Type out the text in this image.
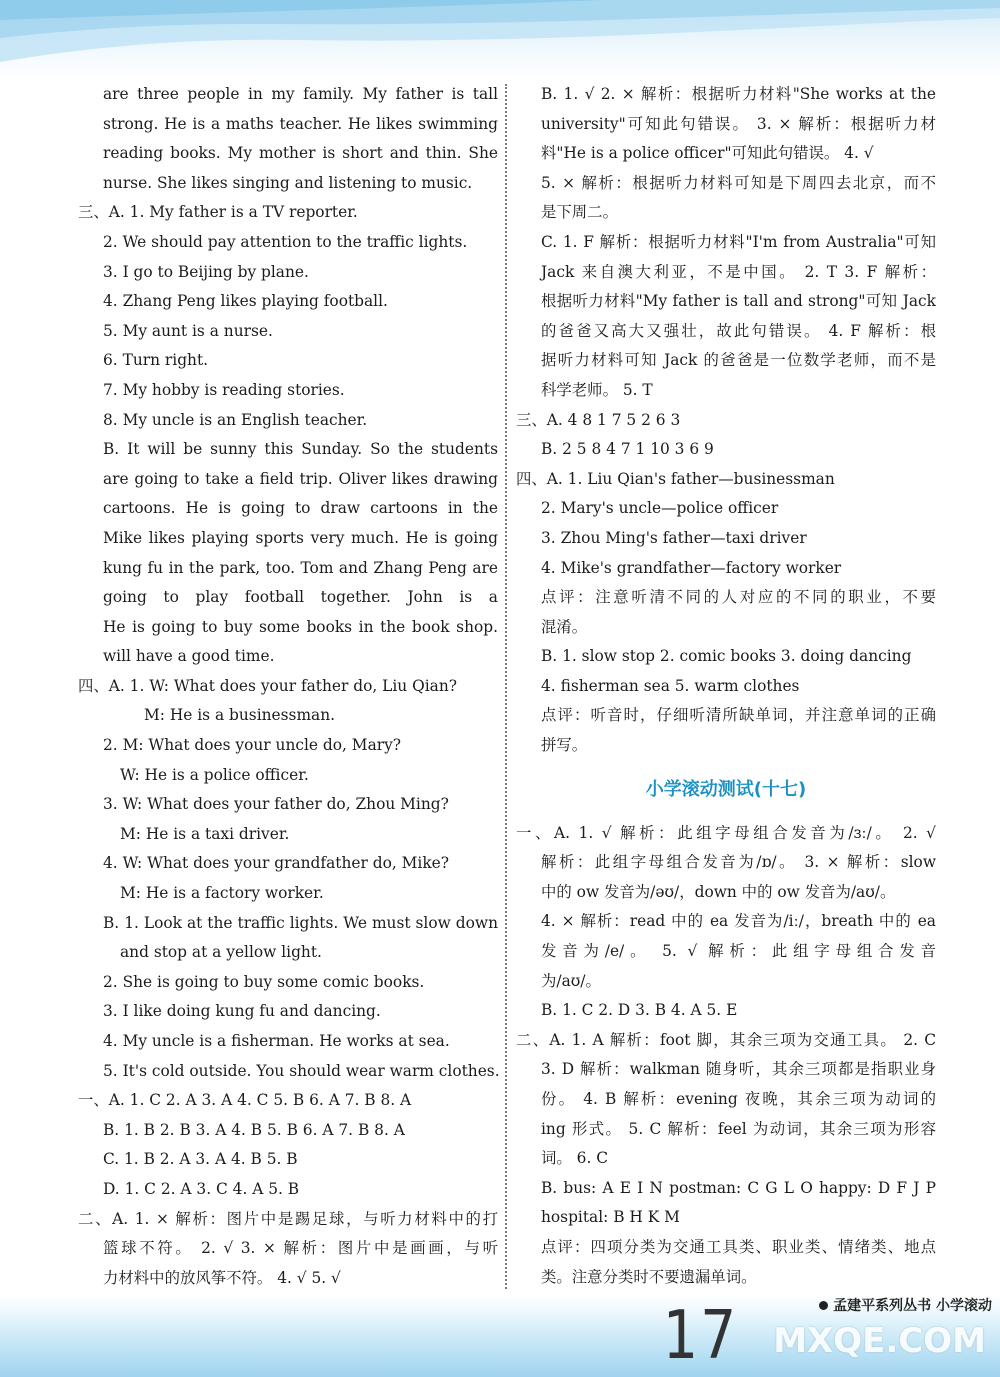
are three people in my family. My father is tall
strong. He is a maths teacher. He likes swimming
reading books. My mother is short and thin. She
nurse. She likes singing and listening to music.
三、A. 1. My father is a TV reporter.
2. We should pay attention to the traffic lights.
3. I go to Beijing by plane.
4. Zhang Peng likes playing football.
5. My aunt is a nurse.
6. Turn right.
7. My hobby is reading stories.
8. My uncle is an English teacher.
B. It will be sunny this Sunday. So the students
are going to take a field trip. Oliver likes drawing
cartoons. He is going to draw cartoons in the
Mike likes playing sports very much. He is going
kung fu in the park, too. Tom and Zhang Peng are
going to play football together. John is a
He is going to buy some books in the book shop.
will have a good time.
四、A. 1. W: What does your father do, Liu Qian?
M: He is a businessman.
2. M: What does your uncle do, Mary?
W: He is a police officer.
3. W: What does your father do, Zhou Ming?
M: He is a taxi driver.
4. W: What does your grandfather do, Mike?
M: He is a factory worker.
B. 1. Look at the traffic lights. We must slow down
and stop at a yellow light.
2. She is going to buy some comic books.
3. I like doing kung fu and dancing.
4. My uncle is a fisherman. He works at sea.
5. It's cold outside. You should wear warm clothes.
一、A. 1. C 2. A 3. A 4. C 5. B 6. A 7. B 8. A
B. 1. B 2. B 3. A 4. B 5. B 6. A 7. B 8. A
C. 1. B 2. A 3. A 4. B 5. B
D. 1. C 2. A 3. C 4. A 5. B
二、A. 1. × 解析：图片中是踢足球，与听力材料中的打
篮球不符。 2. √ 3. × 解析：图片中是画画，与听
力材料中的放风筝不符。 4. √ 5. √
B. 1. √ 2. × 解析：根据听力材料"She works at the
university"可知此句错误。 3. × 解析：根据听力材
料"He is a police officer"可知此句错误。 4. √
5. × 解析：根据听力材料可知是下周四去北京，而不
是下周二。
C. 1. F 解析：根据听力材料"I'm from Australia"可知
Jack 来自澳大利亚，不是中国。 2. T 3. F 解析：
根据听力材料"My father is tall and strong"可知 Jack
的爸爸又高大又强壮，故此句错误。 4. F 解析：根
据听力材料可知 Jack 的爸爸是一位数学老师，而不是
科学老师。 5. T
三、A. 4 8 1 7 5 2 6 3
B. 2 5 8 4 7 1 10 3 6 9
四、A. 1. Liu Qian's father—businessman
2. Mary's uncle—police officer
3. Zhou Ming's father—taxi driver
4. Mike's grandfather—factory worker
点评：注意听清不同的人对应的不同的职业，不要
混淆。
B. 1. slow stop 2. comic books 3. doing dancing
4. fisherman sea 5. warm clothes
点评：听音时，仔细听清所缺单词，并注意单词的正确
拼写。
小学滚动测试(十七)
一、A. 1. √ 解析：此组字母组合发音为/ɜː/。 2. √
解析：此组字母组合发音为/ɒ/。 3. × 解析：slow
中的 ow 发音为/əʊ/，down 中的 ow 发音为/aʊ/。
4. × 解析：read 中的 ea 发音为/iː/，breath 中的 ea
发音为/e/。 5. √ 解析：此组字母组合发音
为/aʊ/。
B. 1. C 2. D 3. B 4. A 5. E
二、A. 1. A 解析：foot 脚，其余三项为交通工具。 2. C
3. D 解析：walkman 随身听，其余三项都是指职业身
份。 4. B 解析：evening 夜晚，其余三项为动词的
ing 形式。 5. C 解析：feel 为动词，其余三项为形容
词。 6. C
B. bus: A E I N postman: C G L O happy: D F J P
hospital: B H K M
点评：四项分类为交通工具类、职业类、情绪类、地点
类。注意分类时不要遗漏单词。
孟建平系列丛书 小学滚动
17 MXQE.COM
